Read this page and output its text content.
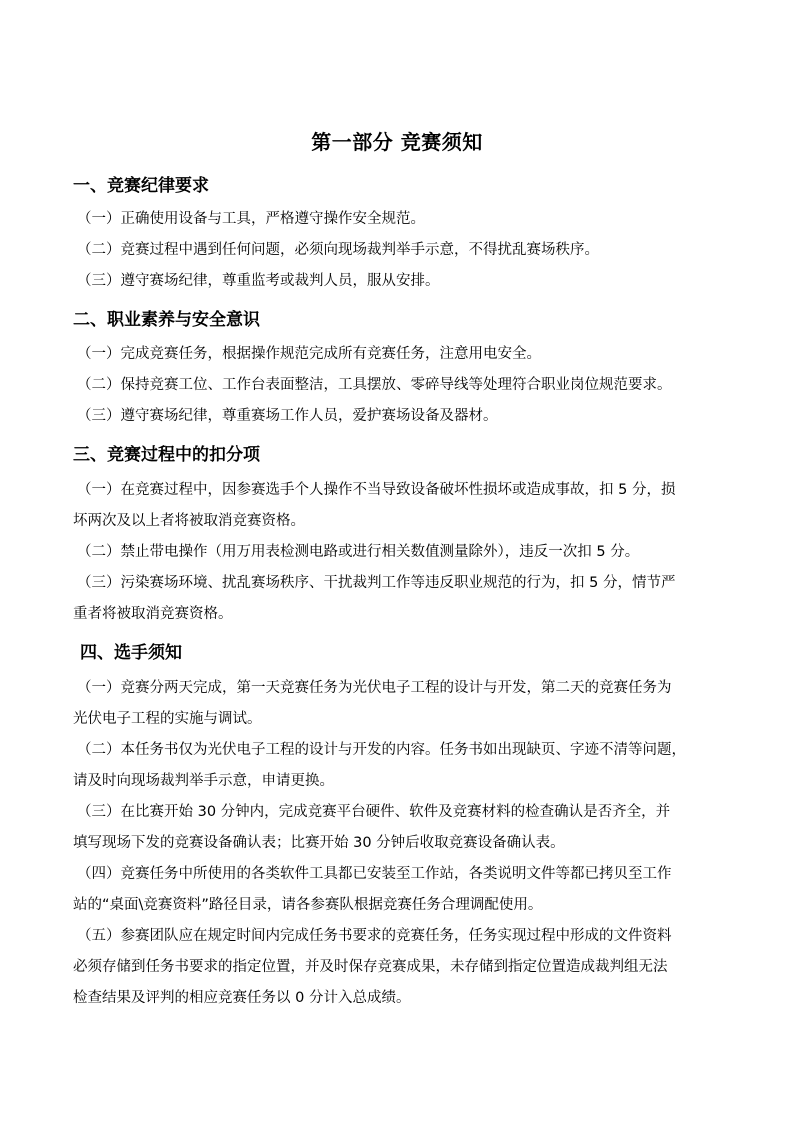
第一部分 竞赛须知
一、竞赛纪律要求
（一）正确使用设备与工具，严格遵守操作安全规范。
（二）竞赛过程中遇到任何问题，必须向现场裁判举手示意，不得扰乱赛场秩序。
（三）遵守赛场纪律，尊重监考或裁判人员，服从安排。
二、职业素养与安全意识
（一）完成竞赛任务，根据操作规范完成所有竞赛任务，注意用电安全。
（二）保持竞赛工位、工作台表面整洁，工具摆放、零碎导线等处理符合职业岗位规范要求。
（三）遵守赛场纪律，尊重赛场工作人员，爱护赛场设备及器材。
三、竞赛过程中的扣分项
（一）在竞赛过程中，因参赛选手个人操作不当导致设备破坏性损坏或造成事故，扣 5 分，损
坏两次及以上者将被取消竞赛资格。
（二）禁止带电操作（用万用表检测电路或进行相关数值测量除外），违反一次扣 5 分。
（三）污染赛场环境、扰乱赛场秩序、干扰裁判工作等违反职业规范的行为，扣 5 分，情节严
重者将被取消竞赛资格。
四、选手须知
（一）竞赛分两天完成，第一天竞赛任务为光伏电子工程的设计与开发，第二天的竞赛任务为
光伏电子工程的实施与调试。
（二）本任务书仅为光伏电子工程的设计与开发的内容。任务书如出现缺页、字迹不清等问题，
请及时向现场裁判举手示意，申请更换。
（三）在比赛开始 30 分钟内，完成竞赛平台硬件、软件及竞赛材料的检查确认是否齐全，并
填写现场下发的竞赛设备确认表；比赛开始 30 分钟后收取竞赛设备确认表。
（四）竞赛任务中所使用的各类软件工具都已安装至工作站，各类说明文件等都已拷贝至工作
站的“桌面\竞赛资料”路径目录，请各参赛队根据竞赛任务合理调配使用。
（五）参赛团队应在规定时间内完成任务书要求的竞赛任务，任务实现过程中形成的文件资料
必须存储到任务书要求的指定位置，并及时保存竞赛成果，未存储到指定位置造成裁判组无法
检查结果及评判的相应竞赛任务以 0 分计入总成绩。
